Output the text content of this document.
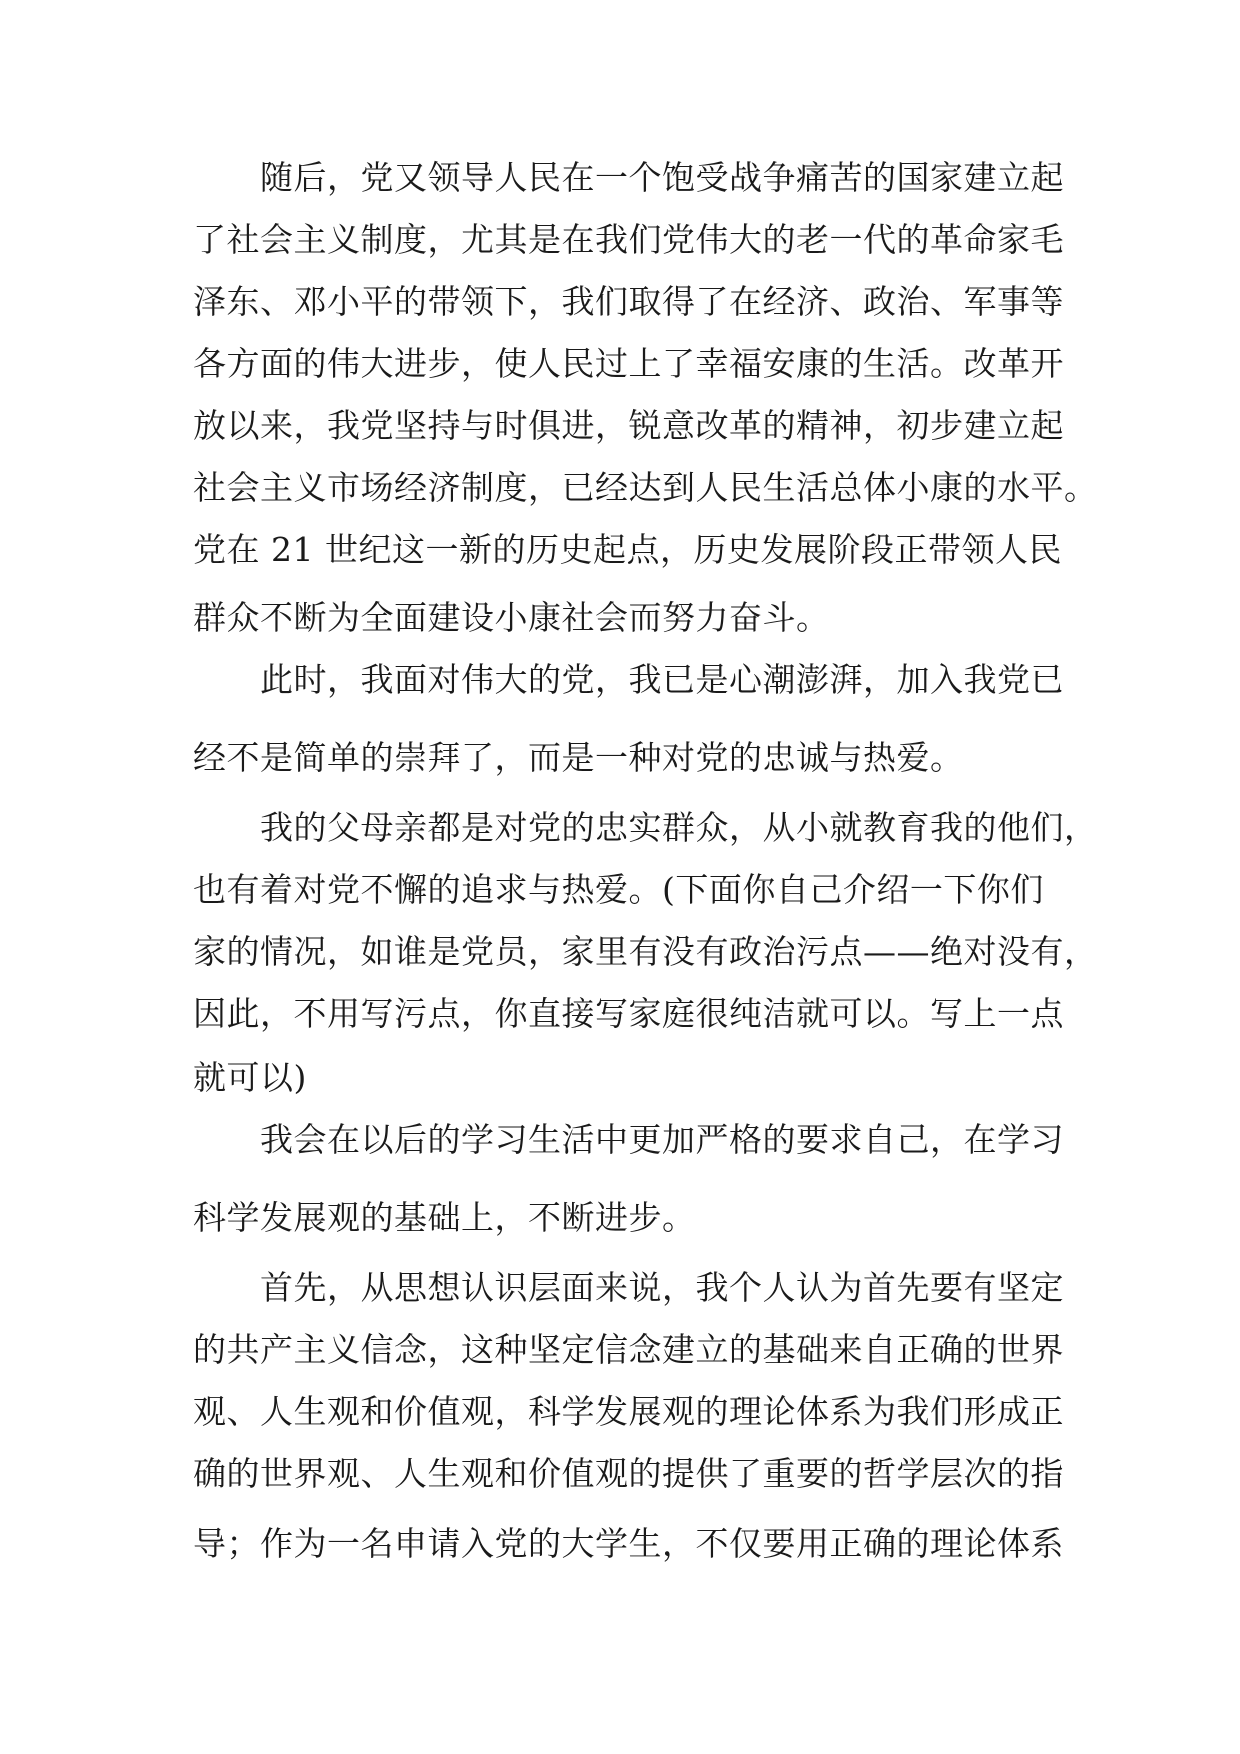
随后，党又领导人民在一个饱受战争痛苦的国家建立起
了社会主义制度，尤其是在我们党伟大的老一代的革命家毛
泽东、邓小平的带领下，我们取得了在经济、政治、军事等
各方面的伟大进步，使人民过上了幸福安康的生活。改革开
放以来，我党坚持与时俱进，锐意改革的精神，初步建立起
社会主义市场经济制度，已经达到人民生活总体小康的水平。
党在 21 世纪这一新的历史起点，历史发展阶段正带领人民
群众不断为全面建设小康社会而努力奋斗。
此时，我面对伟大的党，我已是心潮澎湃，加入我党已
经不是简单的崇拜了，而是一种对党的忠诚与热爱。
我的父母亲都是对党的忠实群众，从小就教育我的他们，
也有着对党不懈的追求与热爱。(下面你自己介绍一下你们
家的情况，如谁是党员，家里有没有政治污点——绝对没有，
因此，不用写污点，你直接写家庭很纯洁就可以。写上一点
就可以)
我会在以后的学习生活中更加严格的要求自己，在学习
科学发展观的基础上，不断进步。
首先，从思想认识层面来说，我个人认为首先要有坚定
的共产主义信念，这种坚定信念建立的基础来自正确的世界
观、人生观和价值观，科学发展观的理论体系为我们形成正
确的世界观、人生观和价值观的提供了重要的哲学层次的指
导；作为一名申请入党的大学生，不仅要用正确的理论体系
